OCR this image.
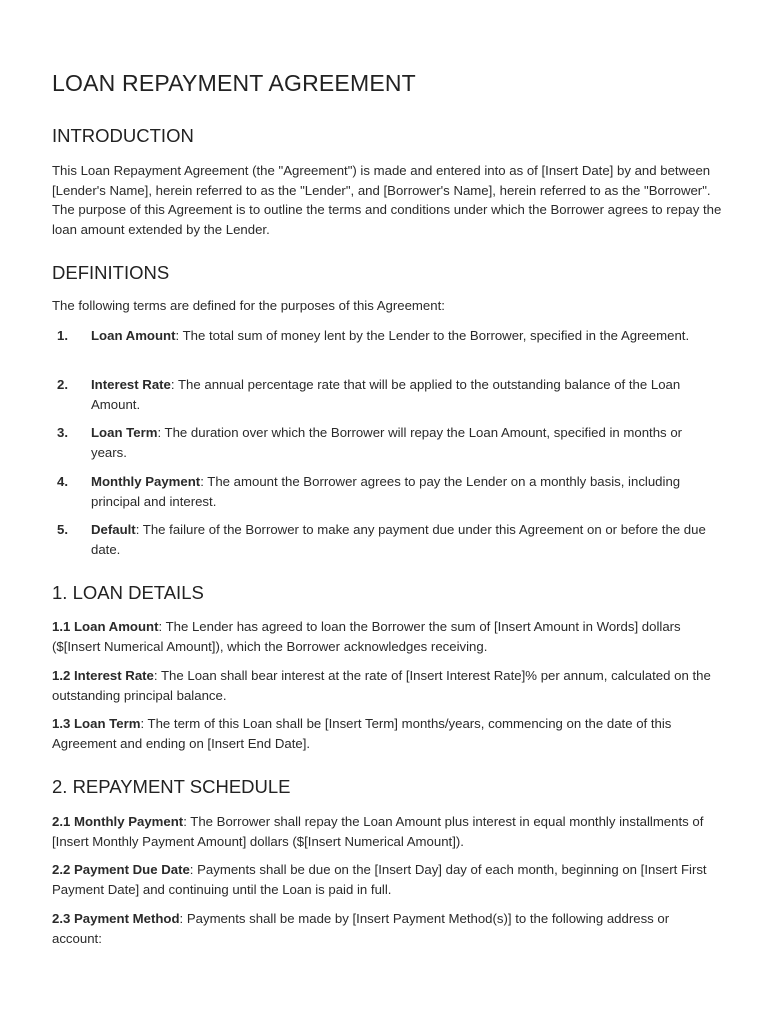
LOAN REPAYMENT AGREEMENT
INTRODUCTION

This Loan Repayment Agreement (the "Agreement") is made and entered into as of [Insert Date] by and between [Lender's Name], herein referred to as the "Lender", and [Borrower's Name], herein referred to as the "Borrower". The purpose of this Agreement is to outline the terms and conditions under which the Borrower agrees to repay the loan amount extended by the Lender.

DEFINITIONS

The following terms are defined for the purposes of this Agreement:

1. Loan Amount: The total sum of money lent by the Lender to the Borrower, specified in the Agreement.
2. Interest Rate: The annual percentage rate that will be applied to the outstanding balance of the Loan Amount.
3. Loan Term: The duration over which the Borrower will repay the Loan Amount, specified in months or years.
4. Monthly Payment: The amount the Borrower agrees to pay the Lender on a monthly basis, including principal and interest.
5. Default: The failure of the Borrower to make any payment due under this Agreement on or before the due date.
1. LOAN DETAILS

1.1 Loan Amount: The Lender has agreed to loan the Borrower the sum of [Insert Amount in Words] dollars ($[Insert Numerical Amount]), which the Borrower acknowledges receiving.

1.2 Interest Rate: The Loan shall bear interest at the rate of [Insert Interest Rate]% per annum, calculated on the outstanding principal balance.

1.3 Loan Term: The term of this Loan shall be [Insert Term] months/years, commencing on the date of this Agreement and ending on [Insert End Date].

2. REPAYMENT SCHEDULE

2.1 Monthly Payment: The Borrower shall repay the Loan Amount plus interest in equal monthly installments of [Insert Monthly Payment Amount] dollars ($[Insert Numerical Amount]).

2.2 Payment Due Date: Payments shall be due on the [Insert Day] day of each month, beginning on [Insert First Payment Date] and continuing until the Loan is paid in full.

2.3 Payment Method: Payments shall be made by [Insert Payment Method(s)] to the following address or account:
